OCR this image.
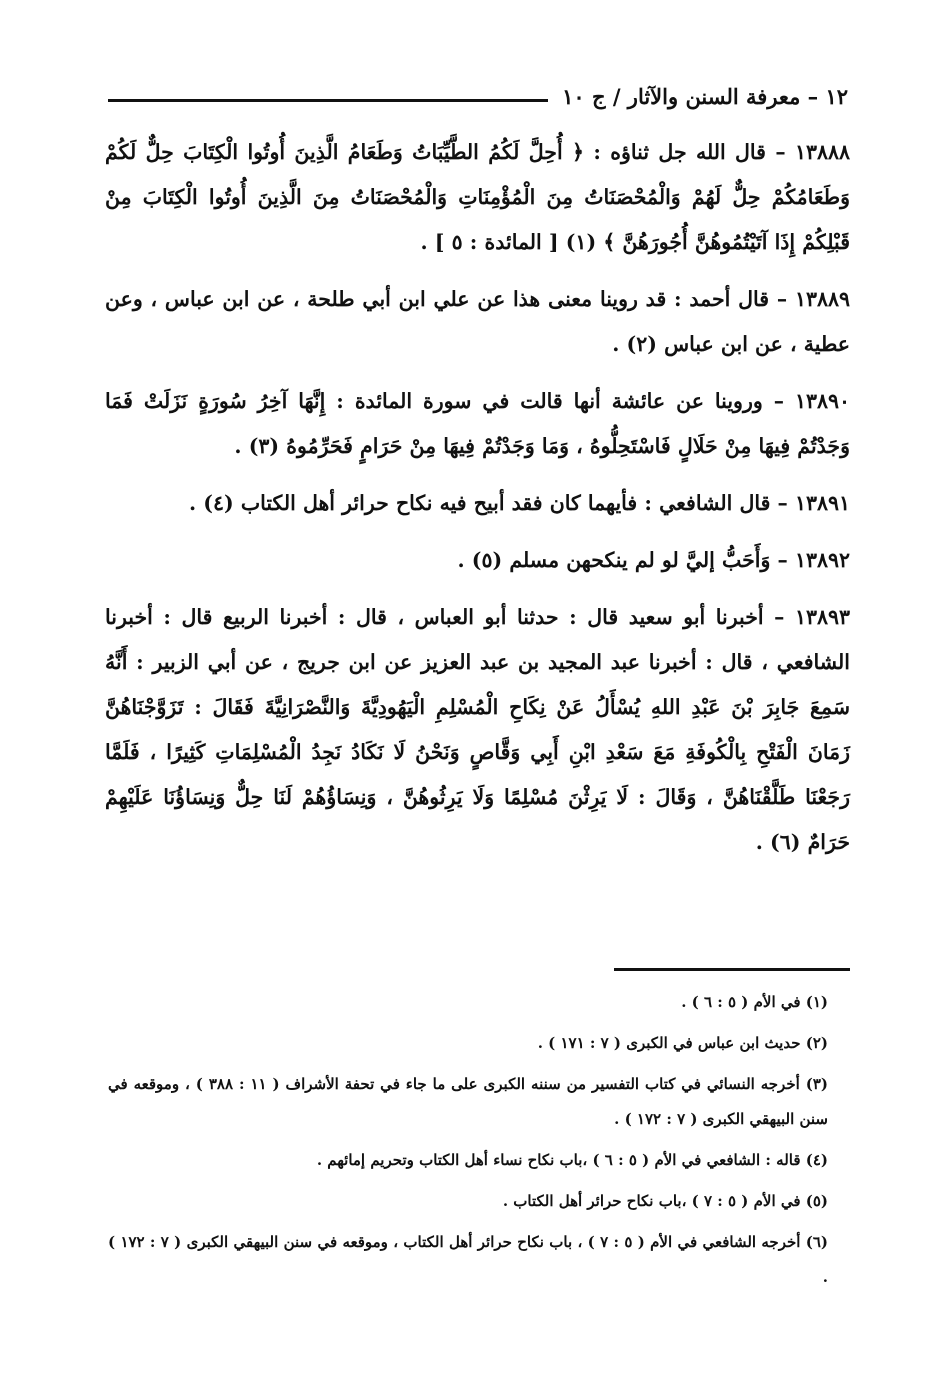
١٢ – معرفة السنن والآثار / ج ١٠

١٣٨٨٨ – قال الله جل ثناؤه : ﴿ أُحِلَّ لَكُمُ الطَّيِّبَاتُ وَطَعَامُ الَّذِينَ أُوتُوا الْكِتَابَ حِلٌّ لَكُمْ وَطَعَامُكُمْ حِلٌّ لَهُمْ وَالْمُحْصَنَاتُ مِنَ الْمُؤْمِنَاتِ وَالْمُحْصَنَاتُ مِنَ الَّذِينَ أُوتُوا الْكِتَابَ مِنْ قَبْلِكُمْ إِذَا آتَيْتُمُوهُنَّ أُجُورَهُنَّ ﴾ (١) [ المائدة : ٥ ] .

١٣٨٨٩ – قال أحمد : قد روينا معنى هذا عن علي ابن أبي طلحة ، عن ابن عباس ، وعن عطية ، عن ابن عباس (٢) .

١٣٨٩٠ – وروينا عن عائشة أنها قالت في سورة المائدة : إِنَّهَا آخِرُ سُورَةٍ نَزَلَتْ فَمَا وَجَدْتُمْ فِيهَا مِنْ حَلَالٍ فَاسْتَحِلُّوهُ ، وَمَا وَجَدْتُمْ فِيهَا مِنْ حَرَامٍ فَحَرِّمُوهُ (٣) .

١٣٨٩١ – قال الشافعي : فأيهما كان فقد أبيح فيه نكاح حرائر أهل الكتاب (٤) .

١٣٨٩٢ – وَأَحَبُّ إليَّ لو لم ينكحهن مسلم (٥) .

١٣٨٩٣ – أخبرنا أبو سعيد قال : حدثنا أبو العباس ، قال : أخبرنا الربيع قال : أخبرنا الشافعي ، قال : أخبرنا عبد المجيد بن عبد العزيز عن ابن جريج ، عن أبي الزبير : أَنَّهُ سَمِعَ جَابِرَ بْنَ عَبْدِ اللهِ يُسْأَلُ عَنْ نِكَاحِ الْمُسْلِمِ الْيَهُودِيَّةَ وَالنَّصْرَانِيَّةَ فَقَالَ : تَزَوَّجْنَاهُنَّ زَمَانَ الْفَتْحِ بِالْكُوفَةِ مَعَ سَعْدِ ابْنِ أَبِي وَقَّاصٍ وَنَحْنُ لَا نَكَادُ نَجِدُ الْمُسْلِمَاتِ كَثِيرًا ، فَلَمَّا رَجَعْنَا طَلَّقْنَاهُنَّ ، وَقَالَ : لَا يَرِثْنَ مُسْلِمًا وَلَا يَرِثُوهُنَّ ، وَنِسَاؤُهُمْ لَنَا حِلٌّ وَنِسَاؤُنَا عَلَيْهِمْ حَرَامٌ (٦) .

(١) في الأم ( ٥ : ٦ ) .

(٢) حديث ابن عباس في الكبرى ( ٧ : ١٧١ ) .

(٣) أخرجه النسائي في كتاب التفسير من سننه الكبرى على ما جاء في تحفة الأشراف ( ١١ : ٣٨٨ ) ، وموقعه في سنن البيهقي الكبرى ( ٧ : ١٧٢ ) .

(٤) قاله : الشافعي في الأم ( ٥ : ٦ ) ،باب نكاح نساء أهل الكتاب وتحريم إمائهم .

(٥) في الأم ( ٥ : ٧ ) ،باب نكاح حرائر أهل الكتاب .

(٦) أخرجه الشافعي في الأم ( ٥ : ٧ ) ، باب نكاح حرائر أهل الكتاب ، وموقعه في سنن البيهقي الكبرى ( ٧ : ١٧٢ ) .
